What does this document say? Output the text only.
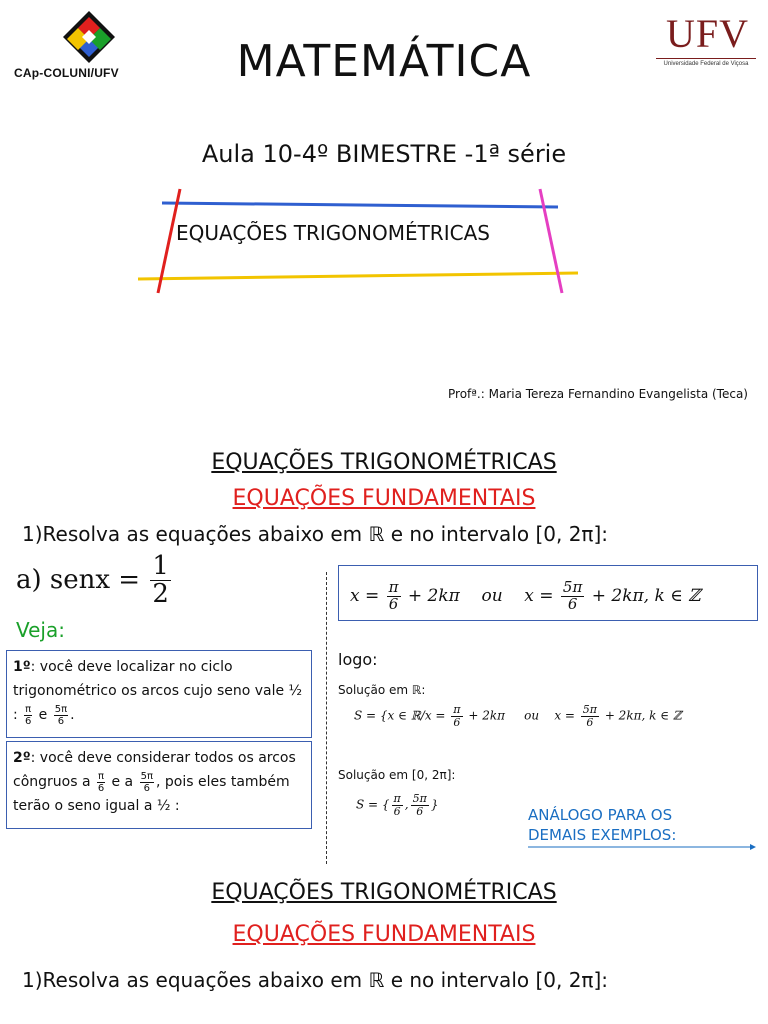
CAp-COLUNI/UFV	MATEMÁTICA
UFV
Universidade Federal de Viçosa
Aula 10-4º BIMESTRE -1ª série
EQUAÇÕES TRIGONOMÉTRICAS
Profª.: Maria Tereza Fernandino Evangelista (Teca)
EQUAÇÕES TRIGONOMÉTRICAS
EQUAÇÕES FUNDAMENTAIS
1)Resolva as equações abaixo em ℝ e no intervalo [0, 2π]:
a) senx = $\frac{1}{2}$
Veja:
1º: você deve localizar no ciclo trigonométrico os arcos cujo seno vale ½ : $\frac{\pi}{6}$ e $\frac{5\pi}{6}$ .
2º: você deve considerar todos os arcos côngruos a $\frac{\pi}{6}$ e a $\frac{5\pi}{6}$ , pois eles também terão o seno igual a ½ :
$x = \frac{\pi}{6} + 2k\pi$ ou $x = \frac{5\pi}{6} + 2k\pi$, k ∈ ℤ
logo:
Solução em ℝ:
S = {x ∈ ℝ/x = $\frac{\pi}{6} + 2k\pi$ ou $x = \frac{5\pi}{6} + 2k\pi$, k ∈ ℤ
Solução em [0, 2π]:
S = { $\frac{\pi}{6}$ , $\frac{5\pi}{6}$ }
ANÁLOGO PARA OS
DEMAIS EXEMPLOS:
EQUAÇÕES TRIGONOMÉTRICAS
EQUAÇÕES FUNDAMENTAIS
1)Resolva as equações abaixo em ℝ e no intervalo [0, 2π]:
